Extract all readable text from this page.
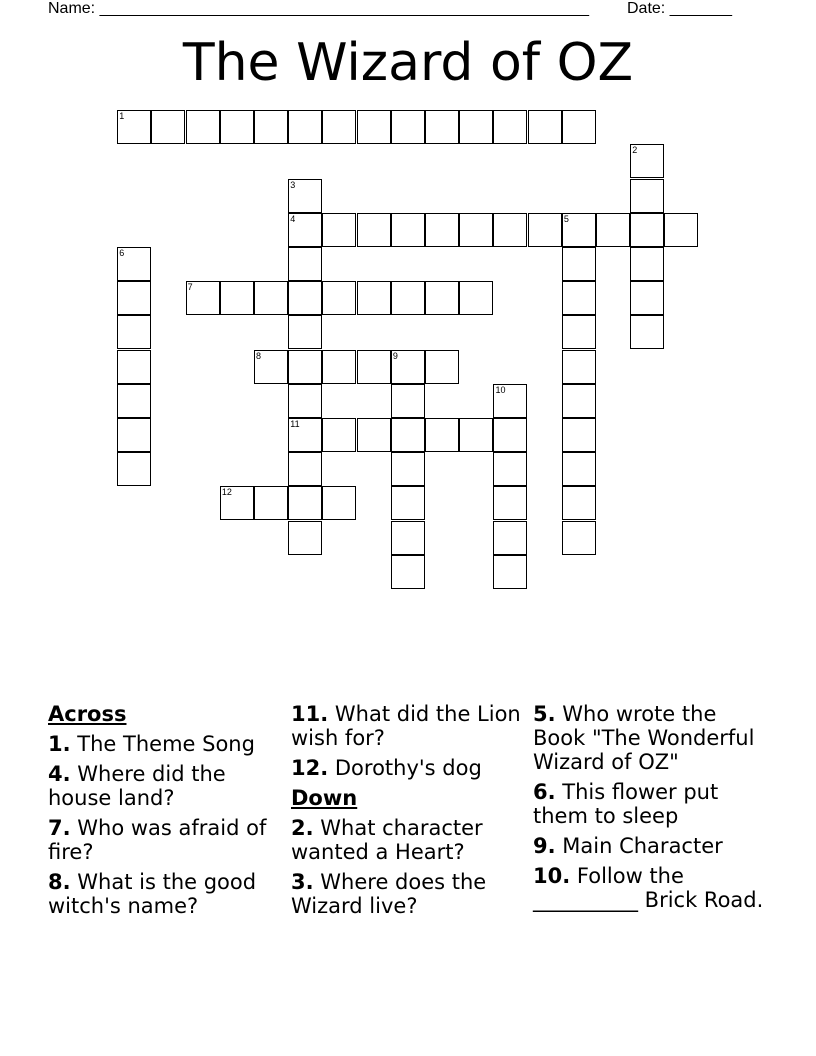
Name: _______________________________________________________ Date: _______
The Wizard of OZ
1
2
3
4	5
6
7
8	9
10
11
12
Across
1. The Theme Song
4. Where did the house land?
7. Who was afraid of fire?
8. What is the good witch's name?
11. What did the Lion wish for?
12. Dorothy's dog
Down
2. What character wanted a Heart?
3. Where does the Wizard live?
5. Who wrote the Book "The Wonderful Wizard of OZ"
6. This flower put them to sleep
9. Main Character
10. Follow the __________ Brick Road.
